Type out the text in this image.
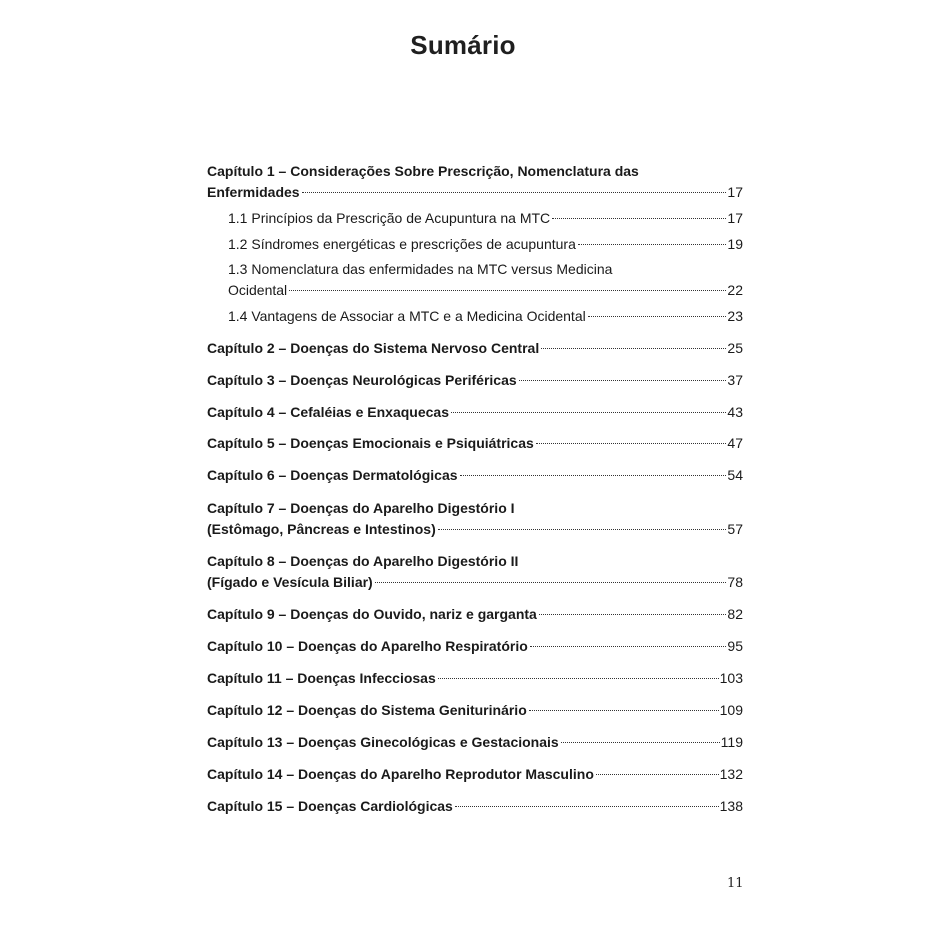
Sumário
Capítulo 1 – Considerações Sobre Prescrição, Nomenclatura das
Enfermidades	17
1.1 Princípios da Prescrição de Acupuntura na MTC	17
1.2 Síndromes energéticas e prescrições de acupuntura	19
1.3 Nomenclatura das enfermidades na MTC versus Medicina
Ocidental	22
1.4 Vantagens de Associar a MTC e a Medicina Ocidental	23
Capítulo 2 – Doenças do Sistema Nervoso Central	25
Capítulo 3 – Doenças Neurológicas Periféricas	37
Capítulo 4 – Cefaléias e Enxaquecas	43
Capítulo 5 – Doenças Emocionais e Psiquiátricas	47
Capítulo 6 – Doenças Dermatológicas	54
Capítulo 7 – Doenças do Aparelho Digestório I
(Estômago, Pâncreas e Intestinos)	57
Capítulo 8 – Doenças do Aparelho Digestório II
(Fígado e Vesícula Biliar)	78
Capítulo 9 – Doenças do Ouvido, nariz e garganta	82
Capítulo 10 – Doenças do Aparelho Respiratório	95
Capítulo 11 – Doenças Infecciosas	103
Capítulo 12 – Doenças do Sistema Geniturinário	109
Capítulo 13 – Doenças Ginecológicas e Gestacionais	119
Capítulo 14 – Doenças do Aparelho Reprodutor Masculino	132
Capítulo 15 – Doenças Cardiológicas	138
11
